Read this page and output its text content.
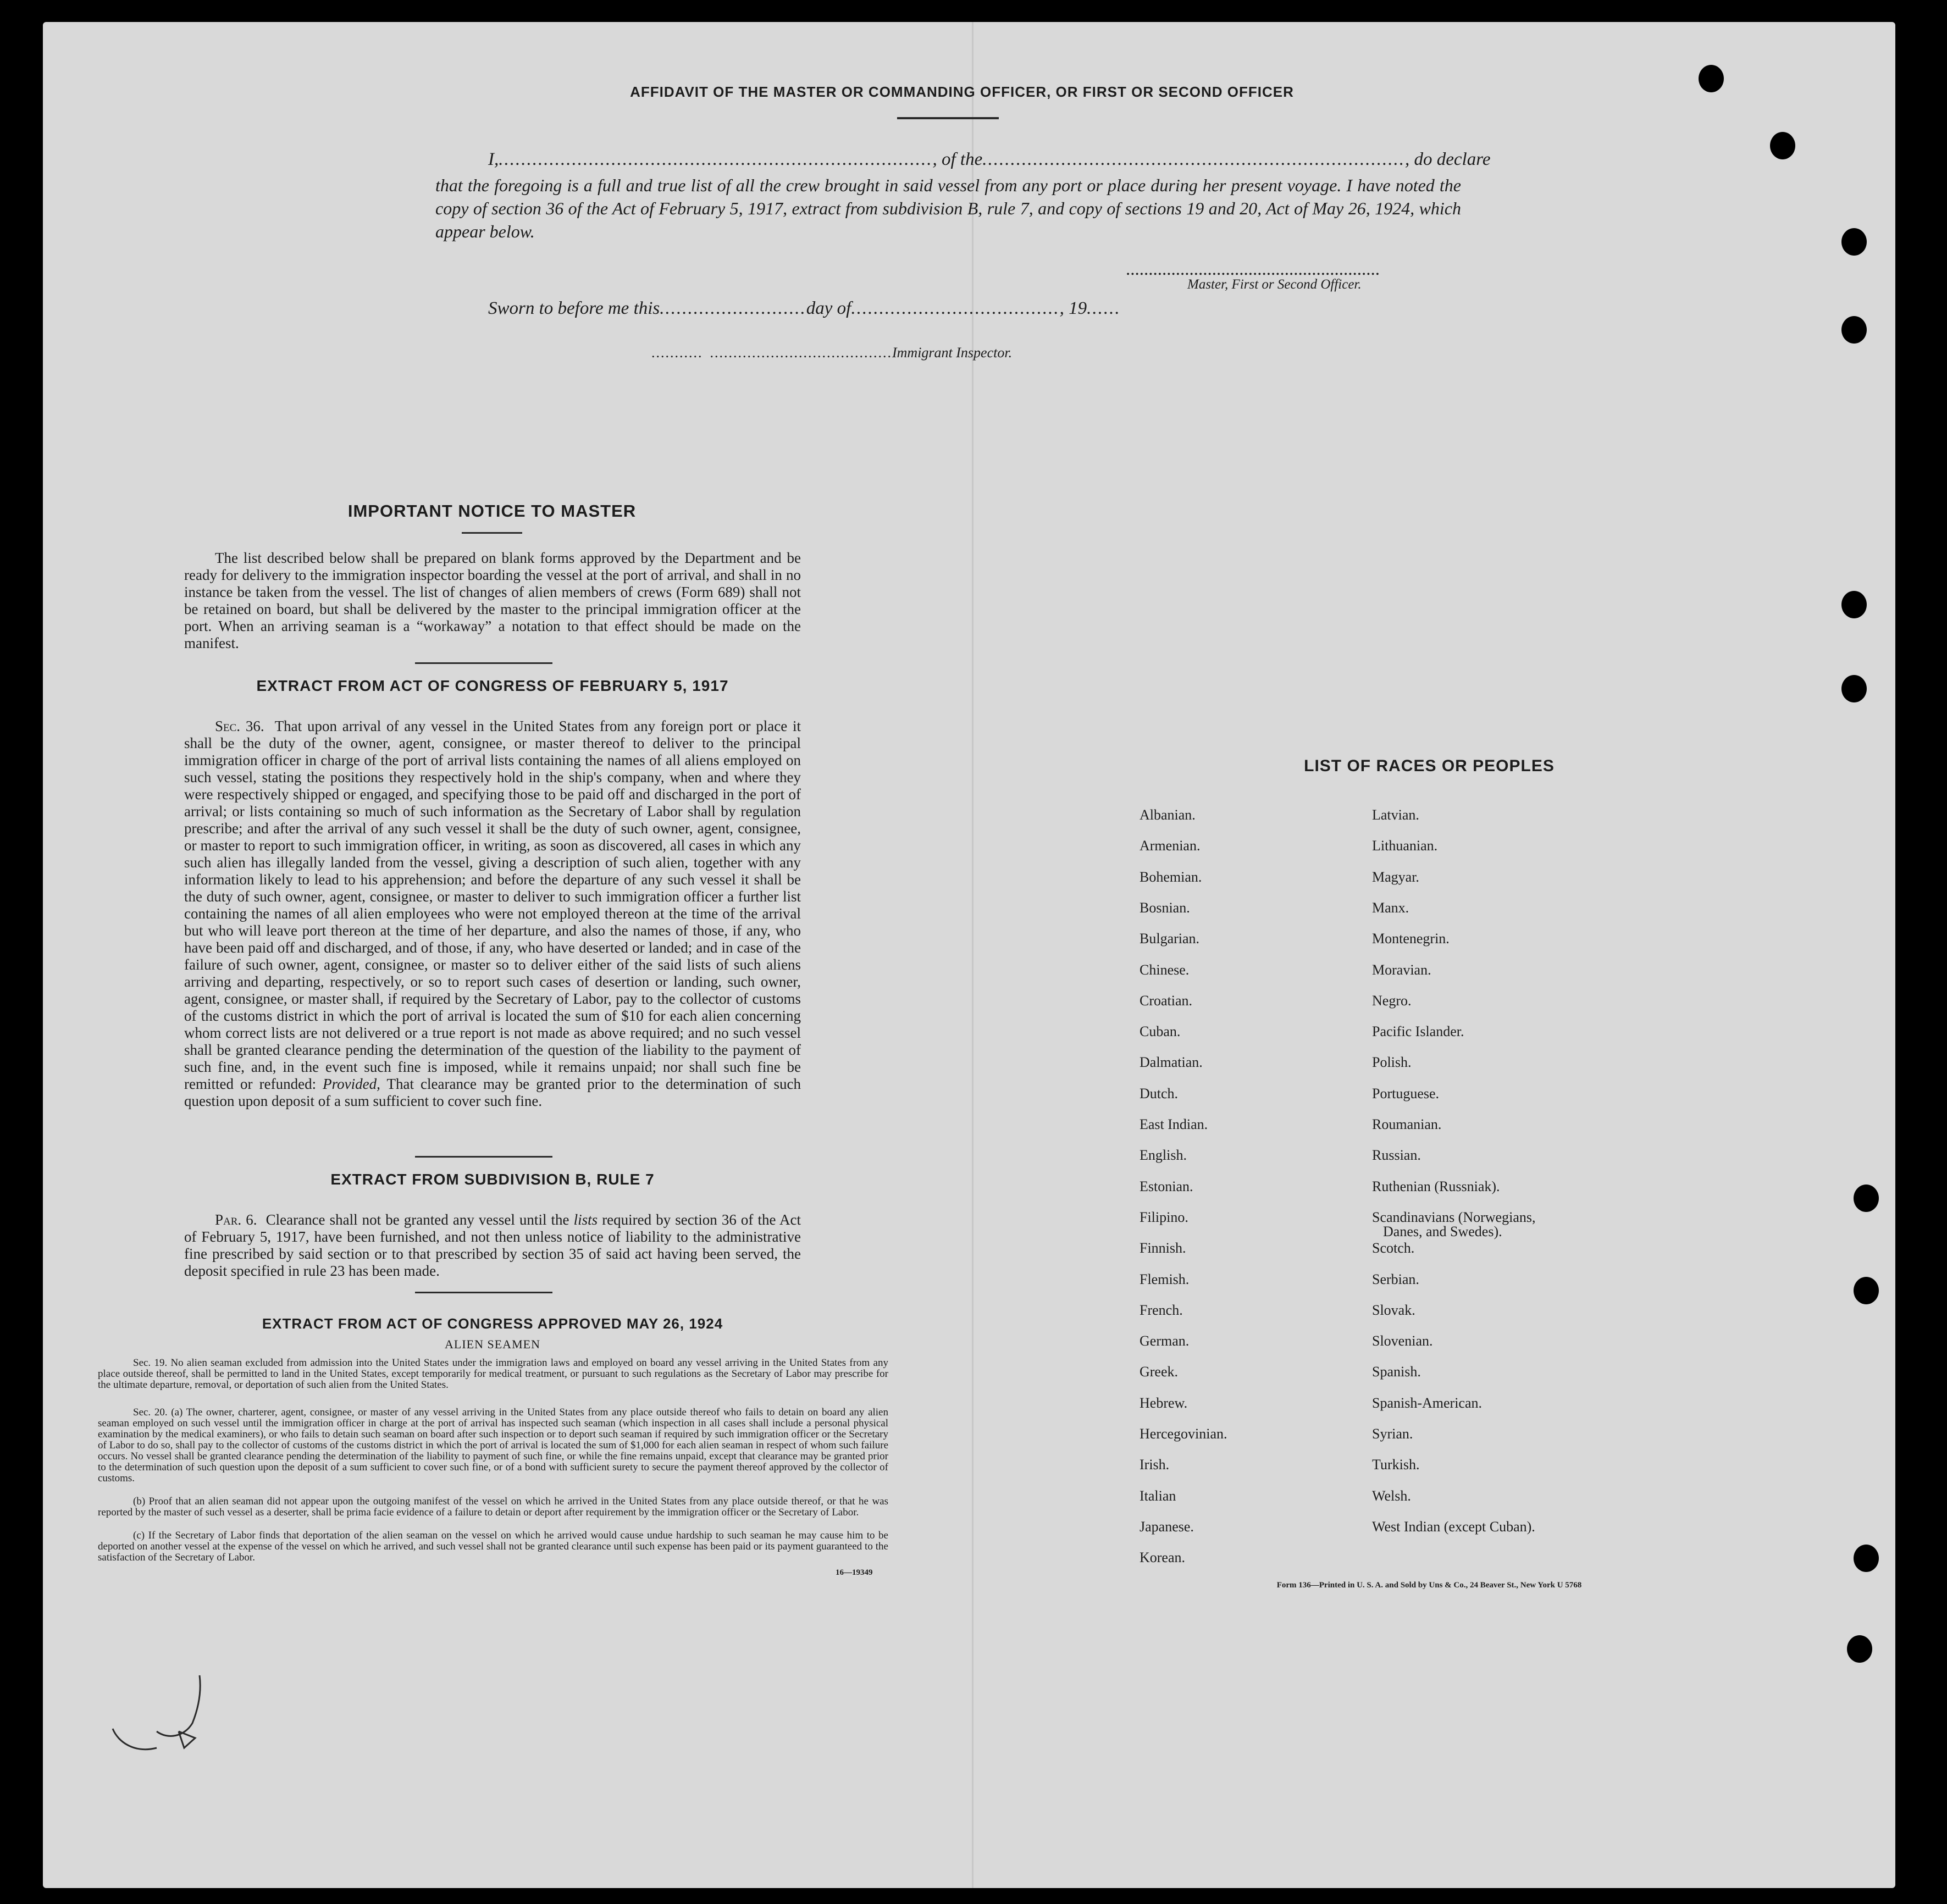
AFFIDAVIT OF THE MASTER OR COMMANDING OFFICER, OR FIRST OR SECOND OFFICER
I,............................................................................., of the..........................................................................., do declare
that the foregoing is a full and true list of all the crew brought in said vessel from any port or place during her present voyage. I have noted the copy of section 36 of the Act of February 5, 1917, extract from subdivision B, rule 7, and copy of sections 19 and 20, Act of May 26, 1924, which appear below.
........................................................
Master, First or Second Officer.
Sworn to before me this..........................day of....................................., 19......
........... .......................................Immigrant Inspector.
IMPORTANT NOTICE TO MASTER
The list described below shall be prepared on blank forms approved by the Department and be ready for delivery to the immigration inspector boarding the vessel at the port of arrival, and shall in no instance be taken from the vessel. The list of changes of alien members of crews (Form 689) shall not be retained on board, but shall be delivered by the master to the principal immigration officer at the port. When an arriving seaman is a “workaway” a notation to that effect should be made on the manifest.
EXTRACT FROM ACT OF CONGRESS OF FEBRUARY 5, 1917
Sec. 36. That upon arrival of any vessel in the United States from any foreign port or place it shall be the duty of the owner, agent, consignee, or master thereof to deliver to the principal immigration officer in charge of the port of arrival lists containing the names of all aliens employed on such vessel, stating the positions they respectively hold in the ship's company, when and where they were respectively shipped or engaged, and specifying those to be paid off and discharged in the port of arrival; or lists containing so much of such information as the Secretary of Labor shall by regulation prescribe; and after the arrival of any such vessel it shall be the duty of such owner, agent, consignee, or master to report to such immigration officer, in writing, as soon as discovered, all cases in which any such alien has illegally landed from the vessel, giving a description of such alien, together with any information likely to lead to his apprehension; and before the departure of any such vessel it shall be the duty of such owner, agent, consignee, or master to deliver to such immigration officer a further list containing the names of all alien employees who were not employed thereon at the time of the arrival but who will leave port thereon at the time of her departure, and also the names of those, if any, who have been paid off and discharged, and of those, if any, who have deserted or landed; and in case of the failure of such owner, agent, consignee, or master so to deliver either of the said lists of such aliens arriving and departing, respectively, or so to report such cases of desertion or landing, such owner, agent, consignee, or master shall, if required by the Secretary of Labor, pay to the collector of customs of the customs district in which the port of arrival is located the sum of $10 for each alien concerning whom correct lists are not delivered or a true report is not made as above required; and no such vessel shall be granted clearance pending the determination of the question of the liability to the payment of such fine, and, in the event such fine is imposed, while it remains unpaid; nor shall such fine be remitted or refunded: Provided, That clearance may be granted prior to the determination of such question upon deposit of a sum sufficient to cover such fine.
EXTRACT FROM SUBDIVISION B, RULE 7
Par. 6. Clearance shall not be granted any vessel until the lists required by section 36 of the Act of February 5, 1917, have been furnished, and not then unless notice of liability to the administrative fine prescribed by said section or to that prescribed by section 35 of said act having been served, the deposit specified in rule 23 has been made.
EXTRACT FROM ACT OF CONGRESS APPROVED MAY 26, 1924
ALIEN SEAMEN
Sec. 19. No alien seaman excluded from admission into the United States under the immigration laws and employed on board any vessel arriving in the United States from any place outside thereof, shall be permitted to land in the United States, except temporarily for medical treatment, or pursuant to such regulations as the Secretary of Labor may prescribe for the ultimate departure, removal, or deportation of such alien from the United States.
Sec. 20. (a) The owner, charterer, agent, consignee, or master of any vessel arriving in the United States from any place outside thereof who fails to detain on board any alien seaman employed on such vessel until the immigration officer in charge at the port of arrival has inspected such seaman (which inspection in all cases shall include a personal physical examination by the medical examiners), or who fails to detain such seaman on board after such inspection or to deport such seaman if required by such immigration officer or the Secretary of Labor to do so, shall pay to the collector of customs of the customs district in which the port of arrival is located the sum of $1,000 for each alien seaman in respect of whom such failure occurs. No vessel shall be granted clearance pending the determination of the liability to payment of such fine, or while the fine remains unpaid, except that clearance may be granted prior to the determination of such question upon the deposit of a sum sufficient to cover such fine, or of a bond with sufficient surety to secure the payment thereof approved by the collector of customs.
(b) Proof that an alien seaman did not appear upon the outgoing manifest of the vessel on which he arrived in the United States from any place outside thereof, or that he was reported by the master of such vessel as a deserter, shall be prima facie evidence of a failure to detain or deport after requirement by the immigration officer or the Secretary of Labor.
(c) If the Secretary of Labor finds that deportation of the alien seaman on the vessel on which he arrived would cause undue hardship to such seaman he may cause him to be deported on another vessel at the expense of the vessel on which he arrived, and such vessel shall not be granted clearance until such expense has been paid or its payment guaranteed to the satisfaction of the Secretary of Labor.
16—19349
LIST OF RACES OR PEOPLES
Albanian.
Armenian.
Bohemian.
Bosnian.
Bulgarian.
Chinese.
Croatian.
Cuban.
Dalmatian.
Dutch.
East Indian.
English.
Estonian.
Filipino.
Finnish.
Flemish.
French.
German.
Greek.
Hebrew.
Hercegovinian.
Irish.
Italian
Japanese.
Korean.
Latvian.
Lithuanian.
Magyar.
Manx.
Montenegrin.
Moravian.
Negro.
Pacific Islander.
Polish.
Portuguese.
Roumanian.
Russian.
Ruthenian (Russniak).
Scandinavians (Norwegians,
Danes, and Swedes).
Scotch.
Serbian.
Slovak.
Slovenian.
Spanish.
Spanish-American.
Syrian.
Turkish.
Welsh.
West Indian (except Cuban).
Form 136—Printed in U. S. A. and Sold by Uns & Co., 24 Beaver St., New York U 5768
